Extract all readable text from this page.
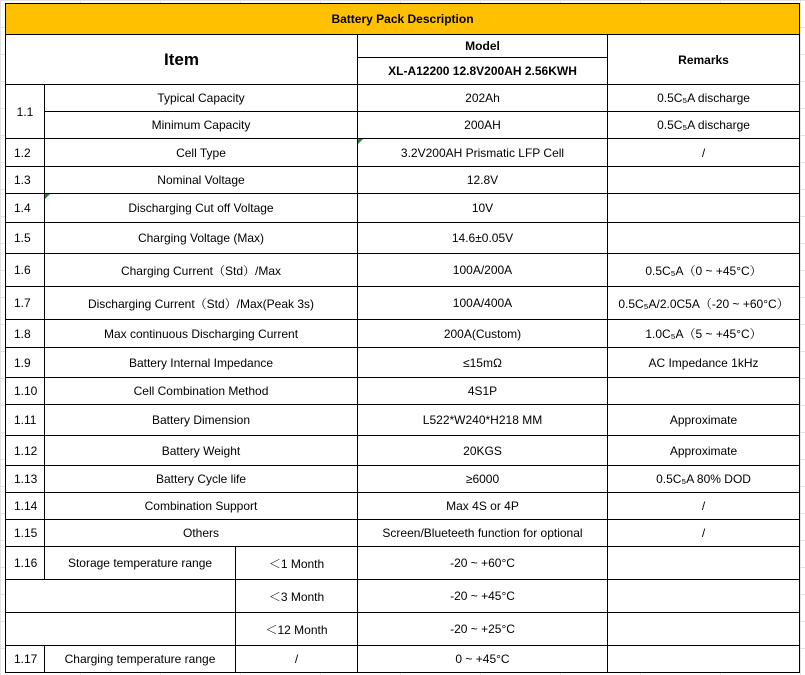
Battery Pack Description				
Item			Model	Remarks
			XL-A12200 12.8V200AH 2.56KWH	
1.1	Typical Capacity		202Ah	0.5C₅A discharge
	Minimum Capacity		200AH	0.5C₅A discharge
1.2	Cell Type		3.2V200AH Prismatic LFP Cell	/
1.3	Nominal Voltage		12.8V	
1.4	Discharging Cut off Voltage		10V	
1.5	Charging Voltage (Max)		14.6±0.05V	
1.6	Charging Current（Std）/Max		100A/200A	0.5C₅A（0 ~ +45°C）
1.7	Discharging Current（Std）/Max(Peak 3s)		100A/400A	0.5C₅A/2.0C5A（-20 ~ +60°C）
1.8	Max continuous Discharging Current		200A(Custom)	1.0C₅A（5 ~ +45°C）
1.9	Battery Internal Impedance		≤15mΩ	AC Impedance 1kHz
1.10	Cell Combination Method		4S1P	
1.11	Battery Dimension		L522*W240*H218 MM	Approximate
1.12	Battery Weight		20KGS	Approximate
1.13	Battery Cycle life		≥6000	0.5C₅A 80% DOD
1.14	Combination Support		Max 4S or 4P	/
1.15	Others		Screen/Blueteeth function for optional	/
1.16	Storage temperature range	＜1 Month	-20 ~ +60°C	
		＜3 Month	-20 ~ +45°C	
		＜12 Month	-20 ~ +25°C	
1.17	Charging temperature range	/	0 ~ +45°C	
